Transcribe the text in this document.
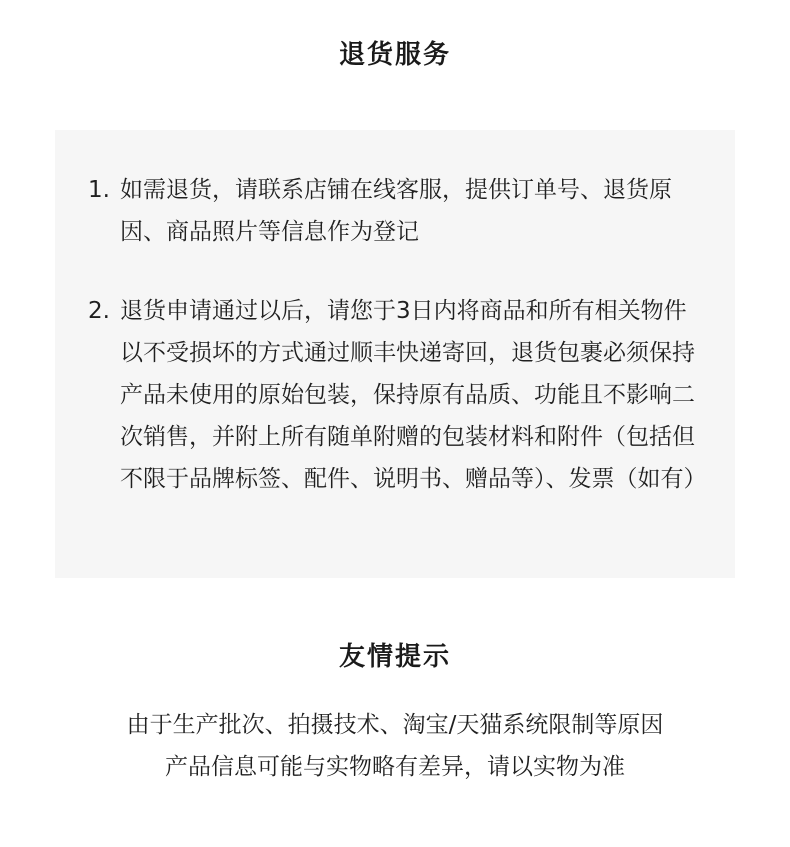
退货服务
1. 如需退货，请联系店铺在线客服，提供订单号、退货原因、商品照片等信息作为登记
2. 退货申请通过以后，请您于3日内将商品和所有相关物件以不受损坏的方式通过顺丰快递寄回，退货包裹必须保持产品未使用的原始包装，保持原有品质、功能且不影响二次销售，并附上所有随单附赠的包装材料和附件（包括但不限于品牌标签、配件、说明书、赠品等）、发票（如有）
友情提示
由于生产批次、拍摄技术、淘宝/天猫系统限制等原因
产品信息可能与实物略有差异，请以实物为准
